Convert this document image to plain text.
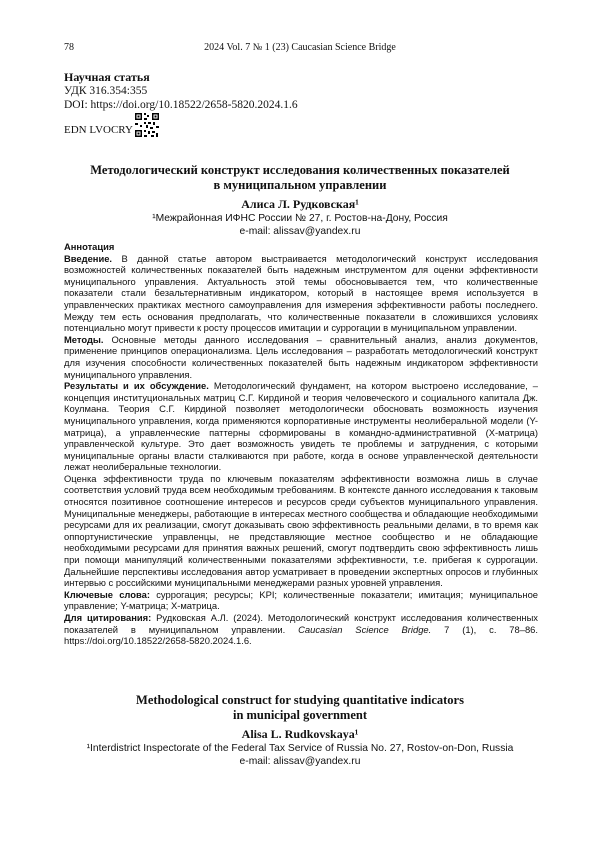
78	2024 Vol. 7 № 1 (23) Caucasian Science Bridge
Научная статья
УДК 316.354:355
DOI: https://doi.org/10.18522/2658-5820.2024.1.6
EDN LVOCRY
Методологический конструкт исследования количественных показателей
в муниципальном управлении
Алиса Л. Рудковская¹
¹Межрайонная ИФНС России № 27, г. Ростов-на-Дону, Россия
e-mail: alissav@yandex.ru

Аннотация

Введение. В данной статье автором выстраивается методологический конструкт исследования возможностей количественных показателей быть надежным инструментом для оценки эффективности муниципального управления. Актуальность этой темы обосновывается тем, что количественные показатели стали безальтернативным индикатором, который в настоящее время используется в управленческих практиках местного самоуправления для измерения эффективности работы последнего. Между тем есть основания предполагать, что количественные показатели в сложившихся условиях потенциально могут привести к росту процессов имитации и суррогации в муниципальном управлении.

Методы. Основные методы данного исследования – сравнительный анализ, анализ документов, применение принципов операционализма. Цель исследования – разработать методологический конструкт для изучения способности количественных показателей быть надежным индикатором эффективности муниципального управления.

Результаты и их обсуждение. Методологический фундамент, на котором выстроено исследование, – концепция институциональных матриц С.Г. Кирдиной и теория человеческого и социального капитала Дж. Коулмана. Теория С.Г. Кирдиной позволяет методологически обосновать возможность изучения муниципального управления, когда применяются корпоративные инструменты неолиберальной модели (Y-матрица), а управленческие паттерны сформированы в командно-административной (X-матрица) управленческой культуре. Это дает возможность увидеть те проблемы и затруднения, с которыми муниципальные органы власти сталкиваются при работе, когда в основе управленческой деятельности лежат неолиберальные технологии.

Оценка эффективности труда по ключевым показателям эффективности возможна лишь в случае соответствия условий труда всем необходимым требованиям. В контексте данного исследования к таковым относятся позитивное соотношение интересов и ресурсов среди субъектов муниципального управления. Муниципальные менеджеры, работающие в интересах местного сообщества и обладающие необходимыми ресурсами для их реализации, смогут доказывать свою эффективность реальными делами, в то время как оппортунистические управленцы, не представляющие местное сообщество и не обладающие необходимыми ресурсами для принятия важных решений, смогут подтвердить свою эффективность лишь при помощи манипуляций количественными показателями эффективности, т.е. прибегая к суррогации. Дальнейшие перспективы исследования автор усматривает в проведении экспертных опросов и глубинных интервью с российскими муниципальными менеджерами разных уровней управления.

Ключевые слова: суррогация; ресурсы; KPI; количественные показатели; имитация; муниципальное управление; Y-матрица; X-матрица.

Для цитирования: Рудковская А.Л. (2024). Методологический конструкт исследования количественных показателей в муниципальном управлении. Caucasian Science Bridge. 7 (1), с. 78–86. https://doi.org/10.18522/2658-5820.2024.1.6.

Methodological construct for studying quantitative indicators
in municipal government
Alisa L. Rudkovskaya¹
¹Interdistrict Inspectorate of the Federal Tax Service of Russia No. 27, Rostov-on-Don, Russia
e-mail: alissav@yandex.ru
